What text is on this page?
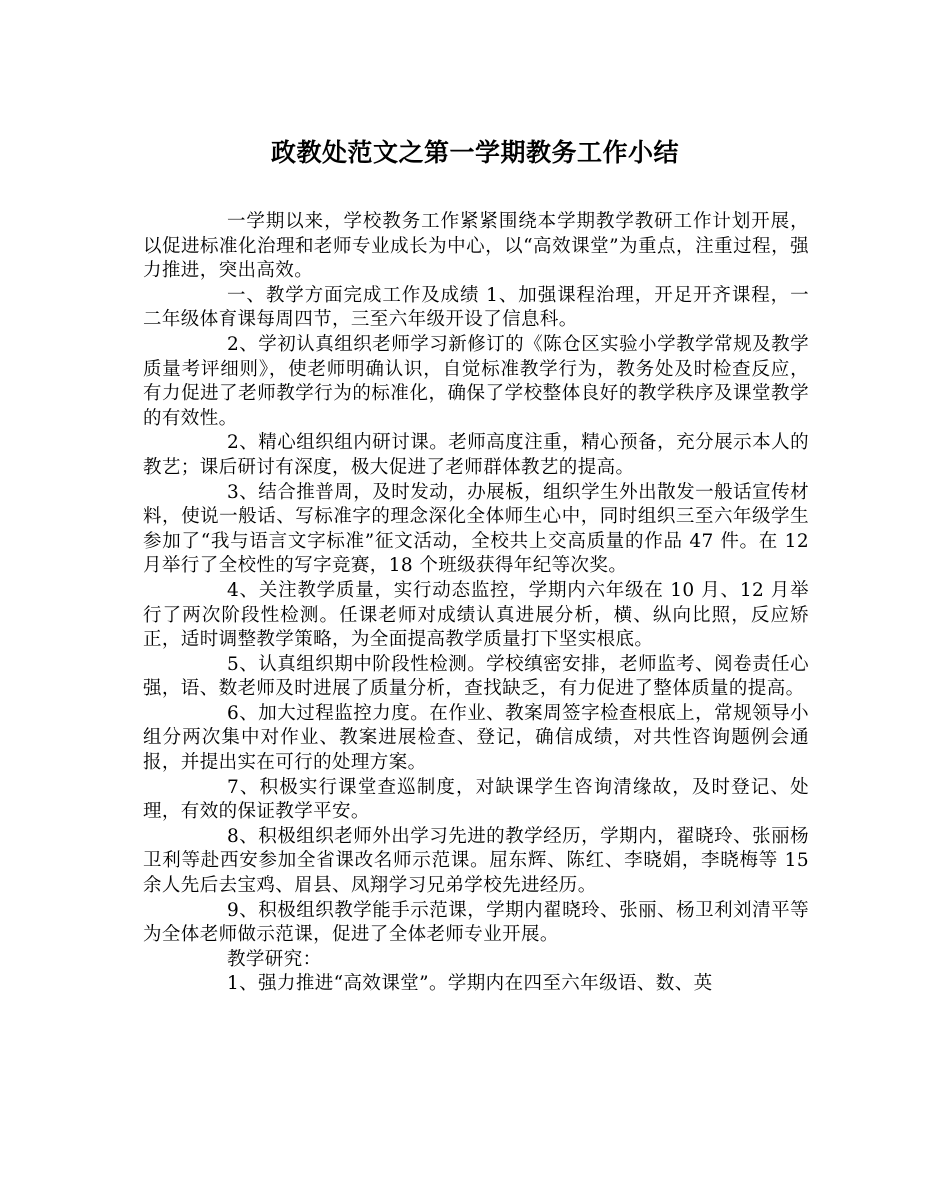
政教处范文之第一学期教务工作小结

一学期以来，学校教务工作紧紧围绕本学期教学教研工作计划开展，以促进标准化治理和老师专业成长为中心，以“高效课堂”为重点，注重过程，强力推进，突出高效。

一、教学方面完成工作及成绩 1、加强课程治理，开足开齐课程，一二年级体育课每周四节，三至六年级开设了信息科。

2、学初认真组织老师学习新修订的《陈仓区实验小学教学常规及教学质量考评细则》，使老师明确认识，自觉标准教学行为，教务处及时检查反应，有力促进了老师教学行为的标准化，确保了学校整体良好的教学秩序及课堂教学的有效性。

2、精心组织组内研讨课。老师高度注重，精心预备，充分展示本人的教艺；课后研讨有深度，极大促进了老师群体教艺的提高。

3、结合推普周，及时发动，办展板，组织学生外出散发一般话宣传材料，使说一般话、写标准字的理念深化全体师生心中，同时组织三至六年级学生参加了“我与语言文字标准”征文活动，全校共上交高质量的作品 47 件。在 12 月举行了全校性的写字竞赛，18 个班级获得年纪等次奖。

4、关注教学质量，实行动态监控，学期内六年级在 10 月、12 月举行了两次阶段性检测。任课老师对成绩认真进展分析，横、纵向比照，反应矫正，适时调整教学策略，为全面提高教学质量打下坚实根底。

5、认真组织期中阶段性检测。学校缜密安排，老师监考、阅卷责任心强，语、数老师及时进展了质量分析，查找缺乏，有力促进了整体质量的提高。

6、加大过程监控力度。在作业、教案周签字检查根底上，常规领导小组分两次集中对作业、教案进展检查、登记，确信成绩，对共性咨询题例会通报，并提出实在可行的处理方案。

7、积极实行课堂查巡制度，对缺课学生咨询清缘故，及时登记、处理，有效的保证教学平安。

8、积极组织老师外出学习先进的教学经历，学期内，翟晓玲、张丽杨卫利等赴西安参加全省课改名师示范课。屈东辉、陈红、李晓娟，李晓梅等 15 余人先后去宝鸡、眉县、凤翔学习兄弟学校先进经历。

9、积极组织教学能手示范课，学期内翟晓玲、张丽、杨卫利刘清平等为全体老师做示范课，促进了全体老师专业开展。

教学研究：

1、强力推进“高效课堂”。学期内在四至六年级语、数、英
